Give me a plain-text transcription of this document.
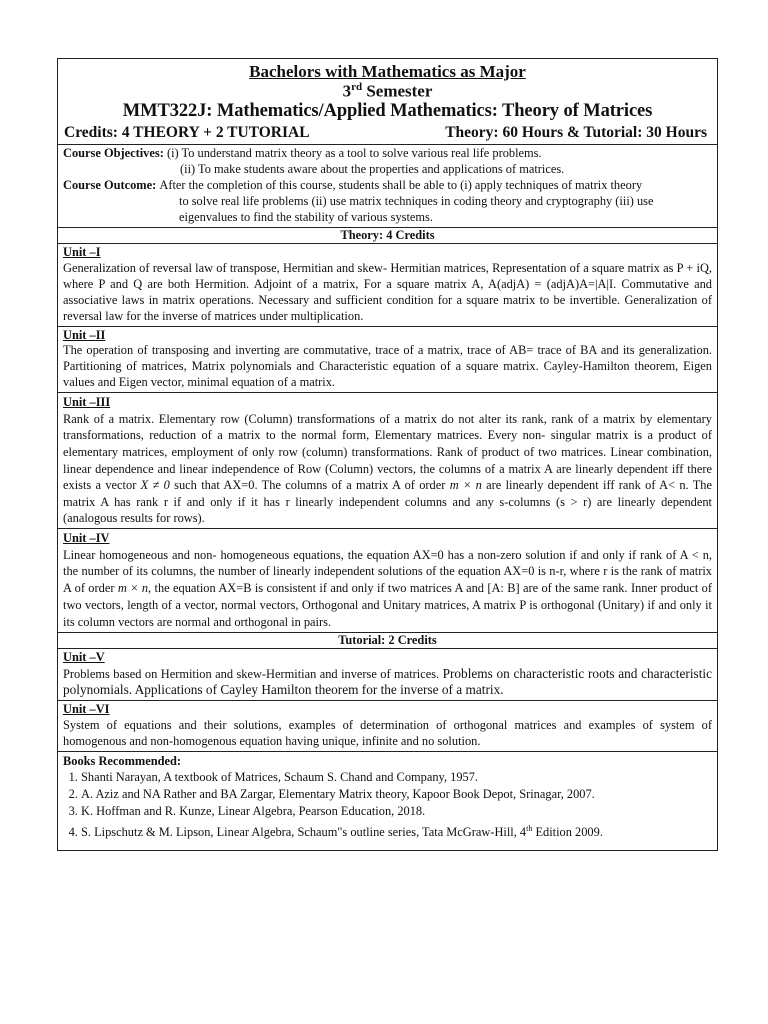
Bachelors with Mathematics as Major
3rd Semester
MMT322J: Mathematics/Applied Mathematics: Theory of Matrices
Credits: 4 THEORY + 2 TUTORIAL	Theory: 60 Hours & Tutorial: 30 Hours
Course Objectives:
(i) To understand matrix theory as a tool to solve various real life problems.
(ii) To make students aware about the properties and applications of matrices.
Course Outcome:
After the completion of this course, students shall be able to (i) apply techniques of matrix theory
to solve real life problems (ii) use matrix techniques in coding theory and cryptography (iii) use
eigenvalues to find the stability of various systems.
Theory: 4 Credits
Unit –I
Generalization of reversal law of transpose, Hermitian and skew- Hermitian matrices, Representation of a square matrix as P + iQ, where P and Q are both Hermition. Adjoint of a matrix, For a square matrix A, A(adjA) = (adjA)A=|A|I. Commutative and associative laws in matrix operations. Necessary and sufficient condition for a square matrix to be invertible. Generalization of reversal law for the inverse of matrices under multiplication.
Unit –II
The operation of transposing and inverting are commutative, trace of a matrix, trace of AB= trace of BA and its generalization. Partitioning of matrices, Matrix polynomials and Characteristic equation of a square matrix. Cayley-Hamilton theorem, Eigen values and Eigen vector, minimal equation of a matrix.
Unit –III
Rank of a matrix. Elementary row (Column) transformations of a matrix do not alter its rank, rank of a matrix by elementary transformations, reduction of a matrix to the normal form, Elementary matrices. Every non- singular matrix is a product of elementary matrices, employment of only row (column) transformations. Rank of product of two matrices. Linear combination, linear dependence and linear independence of Row (Column) vectors, the columns of a matrix A are linearly dependent iff there exists a vector X ≠ 0 such that AX=0. The columns of a matrix A of order m × n are linearly dependent iff rank of A< n. The matrix A has rank r if and only if it has r linearly independent columns and any s-columns (s > r) are linearly dependent (analogous results for rows).
Unit –IV
Linear homogeneous and non- homogeneous equations, the equation AX=0 has a non-zero solution if and only if rank of A < n, the number of its columns, the number of linearly independent solutions of the equation AX=0 is n-r, where r is the rank of matrix A of order m × n, the equation AX=B is consistent if and only if two matrices A and [A: B] are of the same rank. Inner product of two vectors, length of a vector, normal vectors, Orthogonal and Unitary matrices, A matrix P is orthogonal (Unitary) if and only it its column vectors are normal and orthogonal in pairs.
Tutorial: 2 Credits
Unit –V
Problems based on Hermition and skew-Hermitian and inverse of matrices. Problems on characteristic roots and characteristic polynomials. Applications of Cayley Hamilton theorem for the inverse of a matrix.
Unit –VI
System of equations and their solutions, examples of determination of orthogonal matrices and examples of system of homogenous and non-homogenous equation having unique, infinite and no solution.
Books Recommended:
1. Shanti Narayan, A textbook of Matrices, Schaum S. Chand and Company, 1957.
2. A. Aziz and NA Rather and BA Zargar, Elementary Matrix theory, Kapoor Book Depot, Srinagar, 2007.
3. K. Hoffman and R. Kunze, Linear Algebra, Pearson Education, 2018.
4. S. Lipschutz & M. Lipson, Linear Algebra, Schaum"s outline series, Tata McGraw-Hill, 4th Edition 2009.
